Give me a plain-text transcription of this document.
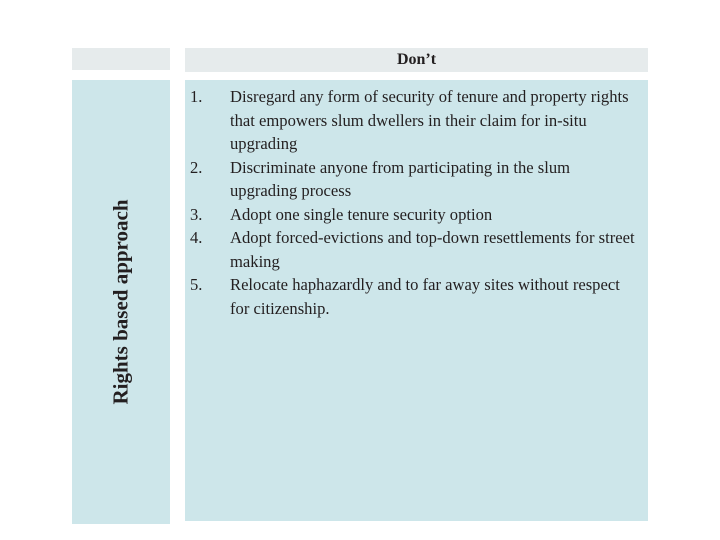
Don’t
Rights based approach
1.	Disregard any form of security of tenure and property rights that empowers slum dwellers in their claim for in-situ upgrading
2.	Discriminate anyone from participating in the slum upgrading process
3.	Adopt one single tenure security option
4.	Adopt forced-evictions and top-down resettlements for street making
5.	Relocate haphazardly and to far away sites without respect for citizenship.
